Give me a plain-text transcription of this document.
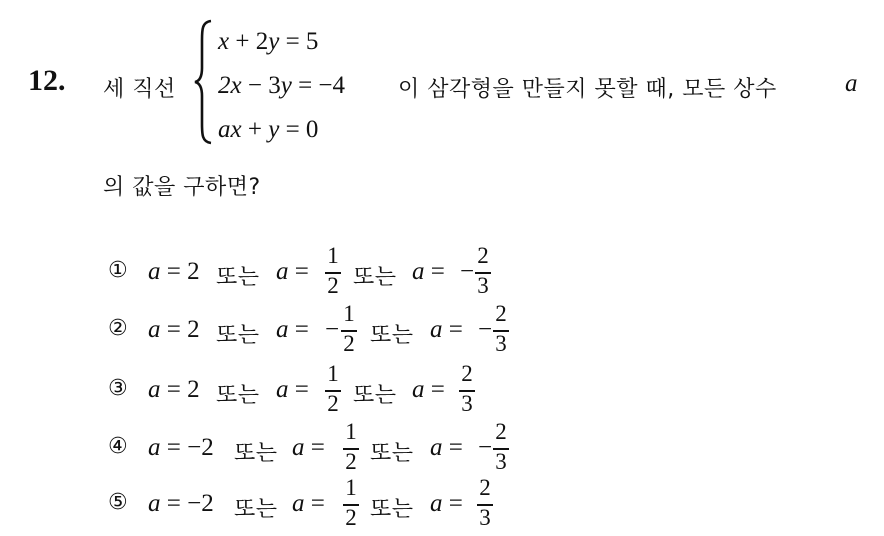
12. 세 직선
x + 2y = 5
2x − 3y = −4
ax + y = 0
이 삼각형을 만들지 못할 때, 모든 상수	a
의 값을 구하면?
① a = 2 또는 a =
1
2 또는 a = −
2
3
② a = 2 또는 a = −
1
2 또는 a = −
2
3
③ a = 2 또는 a =
1
2 또는 a =
2
3
④ a = −2 또는 a =
1
2 또는 a = −
2
3
⑤ a = −2 또는 a =
1
2 또는 a =
2
3
